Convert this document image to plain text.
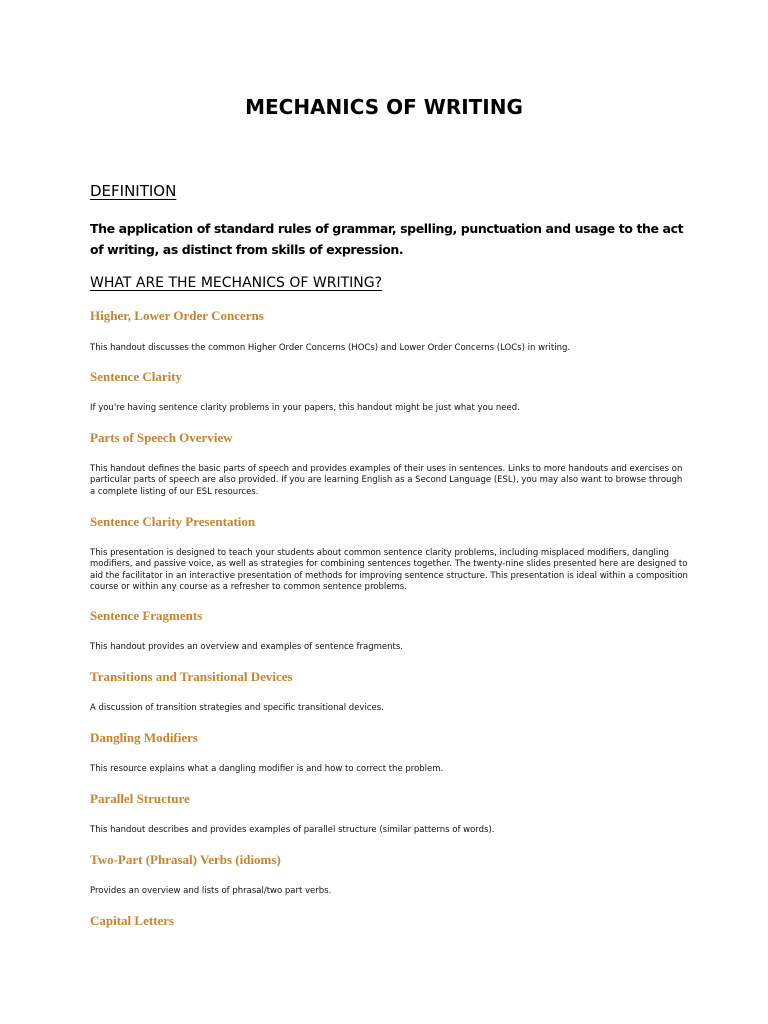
MECHANICS OF WRITING
DEFINITION

The application of standard rules of grammar, spelling, punctuation and usage to the act of writing, as distinct from skills of expression.

WHAT ARE THE MECHANICS OF WRITING?
Higher, Lower Order Concerns

This handout discusses the common Higher Order Concerns (HOCs) and Lower Order Concerns (LOCs) in writing.

Sentence Clarity

If you're having sentence clarity problems in your papers, this handout might be just what you need.

Parts of Speech Overview

This handout defines the basic parts of speech and provides examples of their uses in sentences. Links to more handouts and exercises on particular parts of speech are also provided. If you are learning English as a Second Language (ESL), you may also want to browse through a complete listing of our ESL resources.

Sentence Clarity Presentation

This presentation is designed to teach your students about common sentence clarity problems, including misplaced modifiers, dangling modifiers, and passive voice, as well as strategies for combining sentences together. The twenty-nine slides presented here are designed to aid the facilitator in an interactive presentation of methods for improving sentence structure. This presentation is ideal within a composition course or within any course as a refresher to common sentence problems.

Sentence Fragments

This handout provides an overview and examples of sentence fragments.

Transitions and Transitional Devices

A discussion of transition strategies and specific transitional devices.

Dangling Modifiers

This resource explains what a dangling modifier is and how to correct the problem.

Parallel Structure

This handout describes and provides examples of parallel structure (similar patterns of words).

Two-Part (Phrasal) Verbs (idioms)

Provides an overview and lists of phrasal/two part verbs.

Capital Letters
